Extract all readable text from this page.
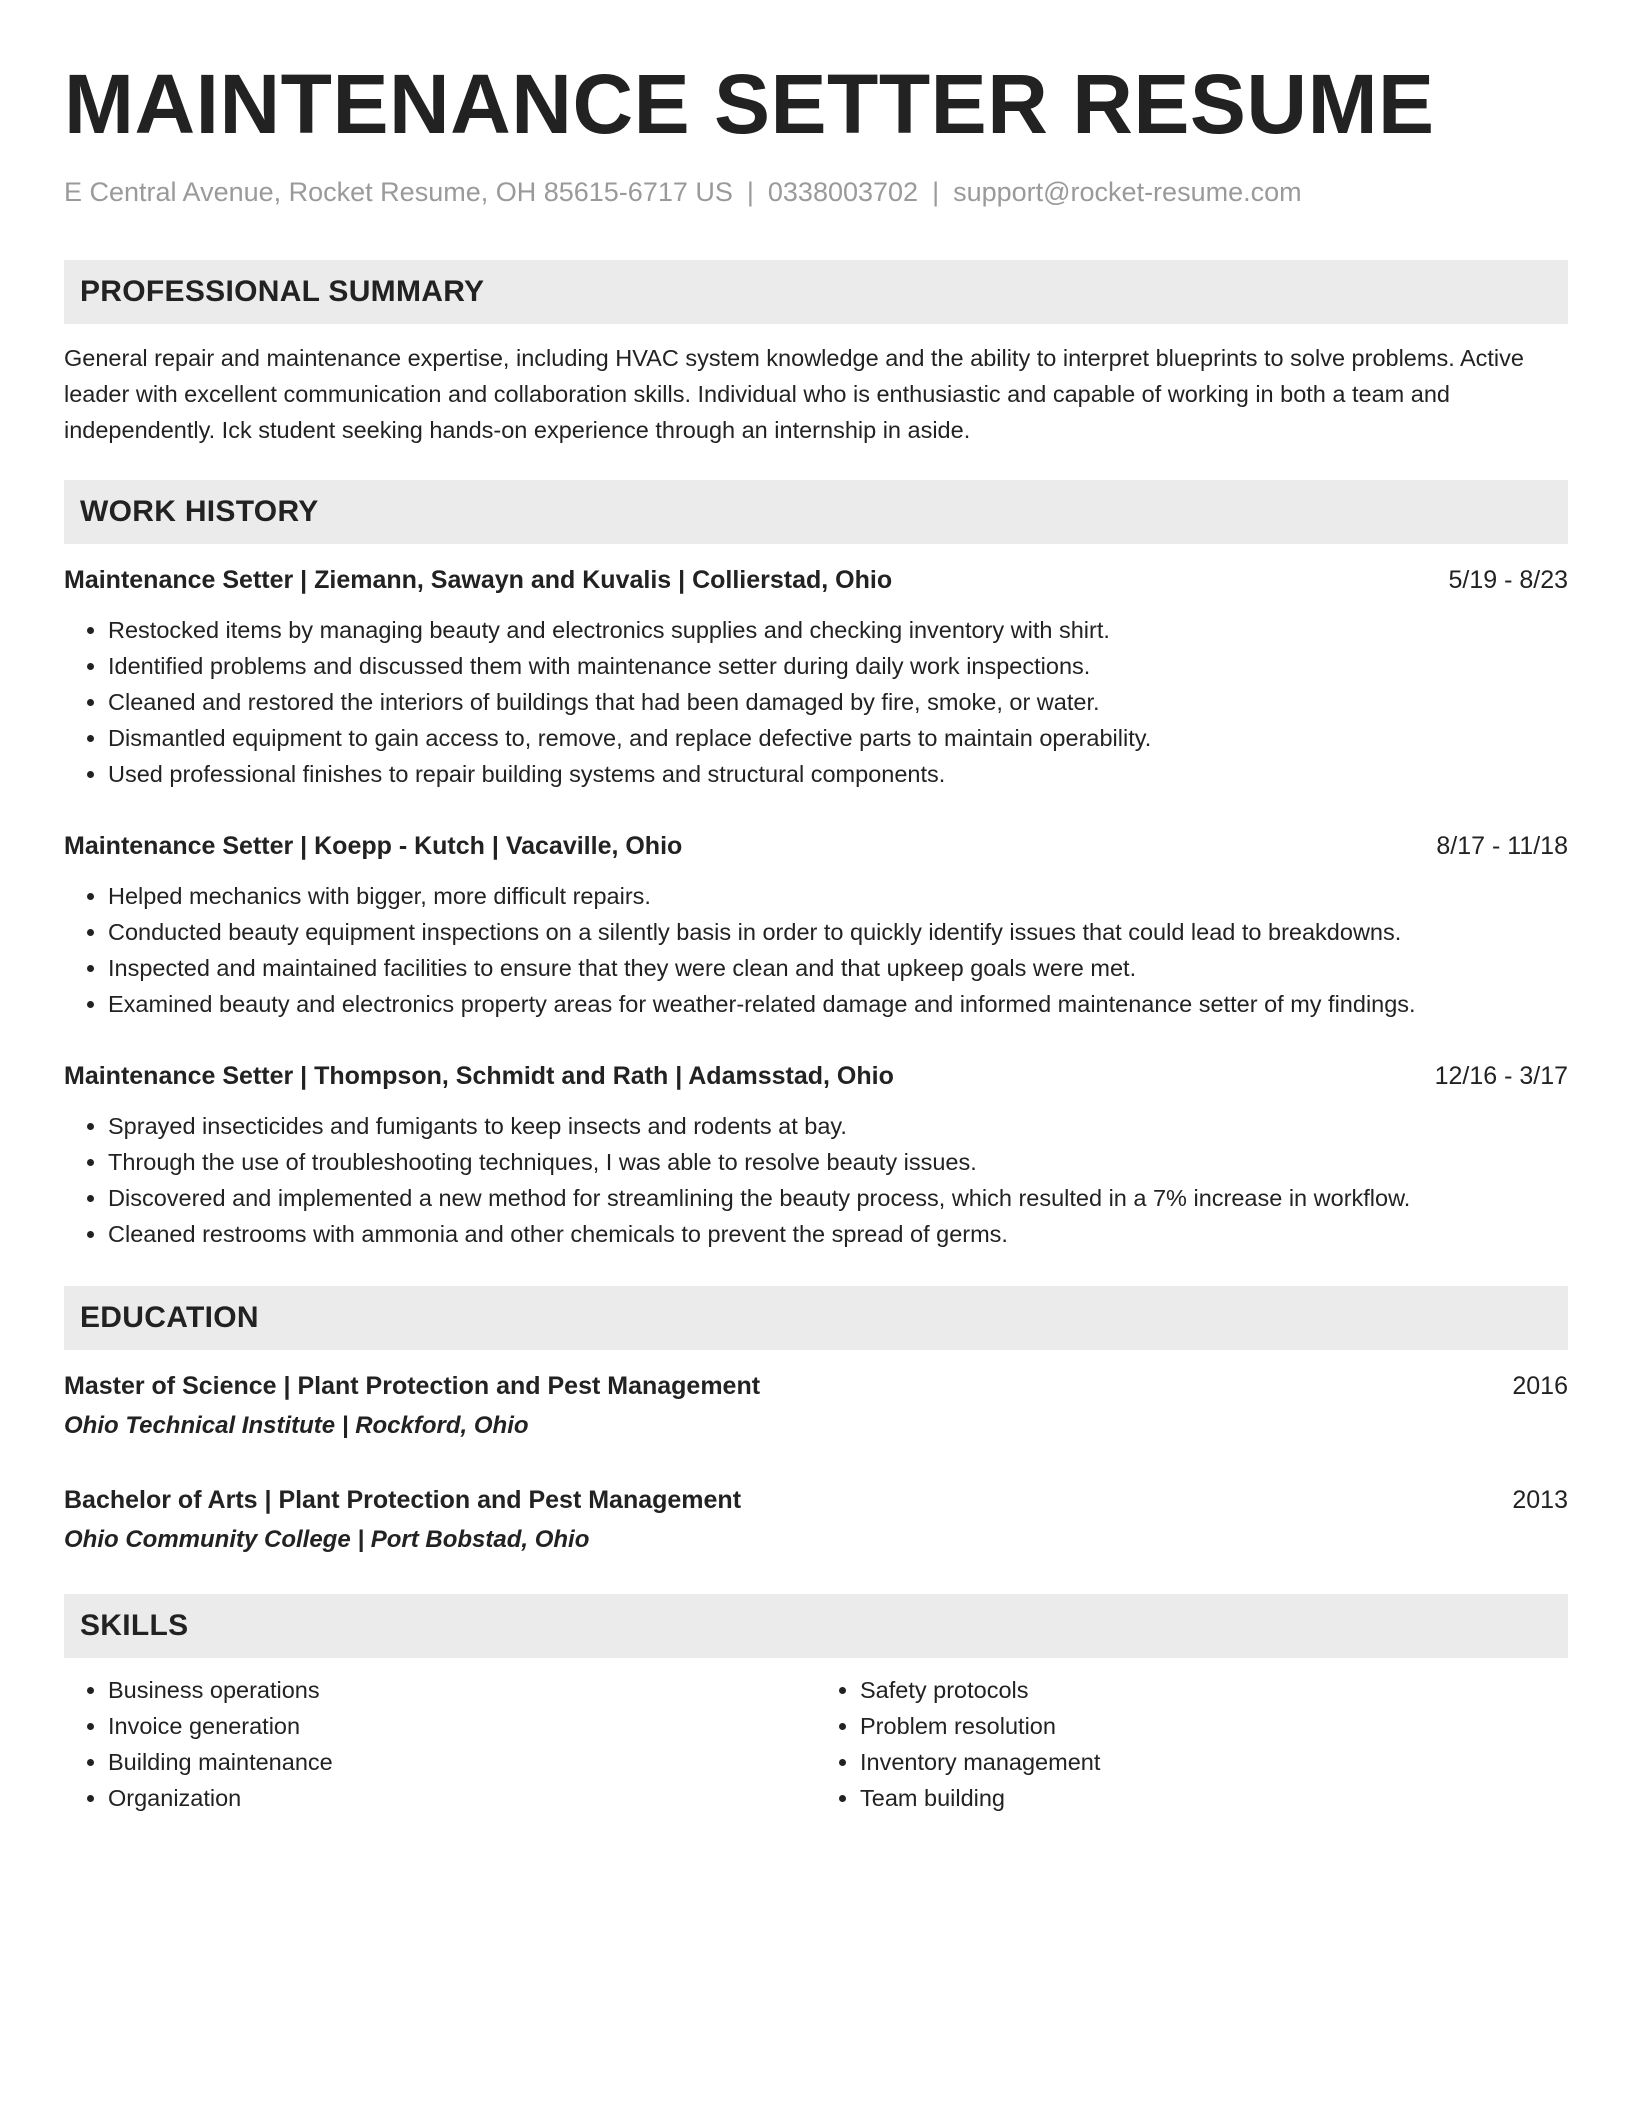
MAINTENANCE SETTER RESUME
E Central Avenue, Rocket Resume, OH 85615-6717 US | 0338003702 | support@rocket-resume.com
PROFESSIONAL SUMMARY
General repair and maintenance expertise, including HVAC system knowledge and the ability to interpret blueprints to solve problems. Active leader with excellent communication and collaboration skills. Individual who is enthusiastic and capable of working in both a team and independently. Ick student seeking hands-on experience through an internship in aside.
WORK HISTORY
Maintenance Setter | Ziemann, Sawayn and Kuvalis | Collierstad, Ohio	5/19 - 8/23
• Restocked items by managing beauty and electronics supplies and checking inventory with shirt.
• Identified problems and discussed them with maintenance setter during daily work inspections.
• Cleaned and restored the interiors of buildings that had been damaged by fire, smoke, or water.
• Dismantled equipment to gain access to, remove, and replace defective parts to maintain operability.
• Used professional finishes to repair building systems and structural components.
Maintenance Setter | Koepp - Kutch | Vacaville, Ohio	8/17 - 11/18
• Helped mechanics with bigger, more difficult repairs.
• Conducted beauty equipment inspections on a silently basis in order to quickly identify issues that could lead to breakdowns.
• Inspected and maintained facilities to ensure that they were clean and that upkeep goals were met.
• Examined beauty and electronics property areas for weather-related damage and informed maintenance setter of my findings.
Maintenance Setter | Thompson, Schmidt and Rath | Adamsstad, Ohio	12/16 - 3/17
• Sprayed insecticides and fumigants to keep insects and rodents at bay.
• Through the use of troubleshooting techniques, I was able to resolve beauty issues.
• Discovered and implemented a new method for streamlining the beauty process, which resulted in a 7% increase in workflow.
• Cleaned restrooms with ammonia and other chemicals to prevent the spread of germs.
EDUCATION
Master of Science | Plant Protection and Pest Management	2016
Ohio Technical Institute | Rockford, Ohio
Bachelor of Arts | Plant Protection and Pest Management	2013
Ohio Community College | Port Bobstad, Ohio
SKILLS
• Business operations
• Invoice generation
• Building maintenance
• Organization
• Safety protocols
• Problem resolution
• Inventory management
• Team building
